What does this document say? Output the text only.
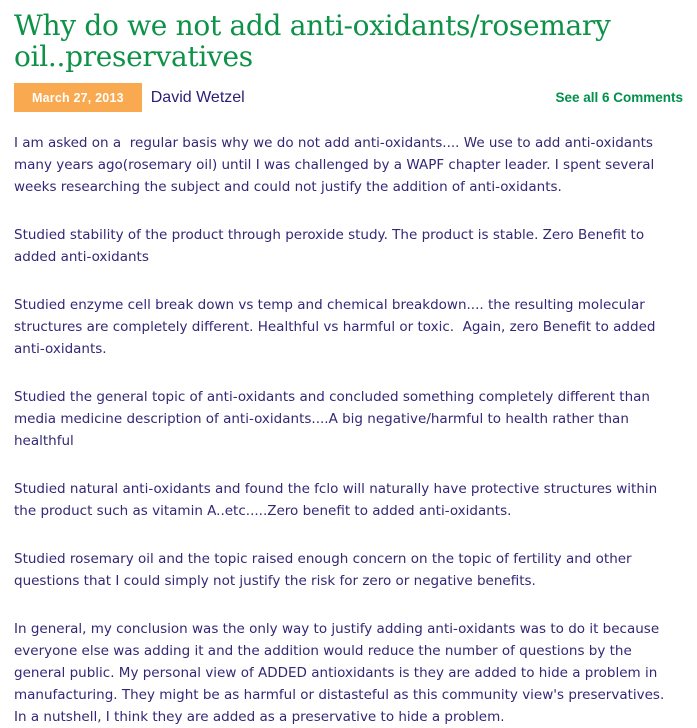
Why do we not add anti-oxidants/rosemary oil..preservatives
March 27, 2013	David Wetzel	See all 6 Comments

I am asked on a  regular basis why we do not add anti-oxidants.... We use to add anti-oxidants many years ago(rosemary oil) until I was challenged by a WAPF chapter leader. I spent several weeks researching the subject and could not justify the addition of anti-oxidants.

Studied stability of the product through peroxide study. The product is stable. Zero Benefit to added anti-oxidants

Studied enzyme cell break down vs temp and chemical breakdown.... the resulting molecular structures are completely different. Healthful vs harmful or toxic.  Again, zero Benefit to added anti-oxidants.

Studied the general topic of anti-oxidants and concluded something completely different than media medicine description of anti-oxidants....A big negative/harmful to health rather than healthful

Studied natural anti-oxidants and found the fclo will naturally have protective structures within the product such as vitamin A..etc.....Zero benefit to added anti-oxidants.

Studied rosemary oil and the topic raised enough concern on the topic of fertility and other questions that I could simply not justify the risk for zero or negative benefits.

In general, my conclusion was the only way to justify adding anti-oxidants was to do it because everyone else was adding it and the addition would reduce the number of questions by the general public. My personal view of ADDED antioxidants is they are added to hide a problem in manufacturing. They might be as harmful or distasteful as this community view's preservatives.  In a nutshell, I think they are added as a preservative to hide a problem.
